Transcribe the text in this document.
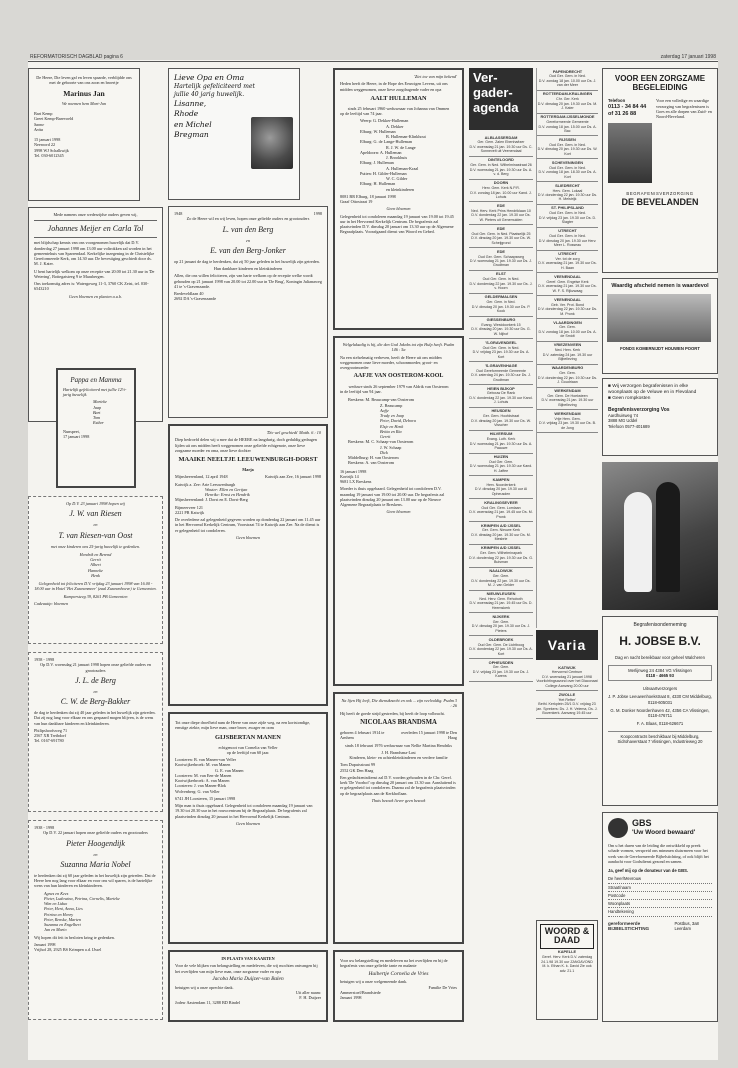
REFORMATORISCH DAGBLAD pagina 6	zaterdag 17 januari 1998
De Heere, Die leven gaf en leven spaarde, verblijdde ons met de geboorte van ons zoon en broertje
Marinus Jan
We noemen hem Mart-Jan
Bart Kemp
Greet Kemp-Barevoeld
Sanne
Anita
15 januari 1998
Neeroord 22
3998 WJ Schalkwijk
Tel. 030-6012345
Mede namens onze wederzijdse ouders geven wij,
Johannes Meijer en Carla Tol
met blijdschap kennis van ons voorgenomen huwelijk dat D.V. donderdag 27 januari 1998 om 13.00 uur voltrokken zal worden in het gemeentehuis van Sparrendaal. Kerkelijke inzegening in de Christelijke Gereformeerde Kerk, om 14.30 uur. De bevestiging geschiedt door ds. M. J. Kater.
U bent hartelijk welkom op onze receptie van 20.00 tot 21.30 uur in 'De Wetering', Bottegatsteeg 9 te Maasbergen.
Ons toekomstig adres is: Watergoweg 11-3, 3760 CK Zeist, tel. 030-6543210
Geen bloemen en planten a.u.b.
Pappa en Mamma
Hartelijk gefeliciteerd met jullie 12½-jarig huwelijk.
Marieke
Jaap
Bart
Tom
Esther
Nunspeet,
17 januari 1998
Op D.V. 23 januari 1998 hopen wij
J. W. van Riesen
en
T. van Riesen-van Oost
met onze kinderen ons 25-jarig huwelijk te gedenken.
Hendrik en Berend
Gerrit
Albert
Hanneke
Henk
Gelegenheid tot feliciteren D.V. vrijdag 23 januari 1998 van 16.00 - 18.00 uur in Hotel 'Het Zwanenmeer' (zaal Zwanenhoeve) te Gemeenten.
Kampersteeg 39, 8261 PB Gemeenten
Cadeautip: bloemen
1958 - 1998
Op D.V. woensdag 21 januari 1998 hopen onze geliefde ouders en grootouders
J. L. de Berg
en
C. W. de Berg-Bakker
de dag te herdenken dat zij 40 jaar geleden in het huwelijk zijn getreden. Dat zij nog lang voor elkaar en ons gespaard mogen blijven, is de wens van hun dankbare kinderen en kleinkinderen.
Philipshoofsweg 71
2567 XR Treibdorf
Tel. 0167-691780
1938 - 1998
Op D.V. 22 januari hopen onze geliefde ouders en grootouders
Pieter Hoogendijk
en
Suzanna Maria Nobel
te herdenken dat zij 60 jaar geleden in het huwelijk zijn getreden. Dat de Heere hen nog lang voor elkaar en voor ons wil sparen, is de hartelijke wens van hun kinderen en kleinkinderen.
Agnes en Kees
Pieter, Ludowina, Petrina, Cornelis, Marieke
Wim en Liduo
Peter, Heni, Anna, Lies
Petrina en Henry
Peter, Renske, Marten
Suzanna en Engelbert
Jan en Mario
Wij hopen dit feit in besloten kring te gedenken.
Januari 1998
Vrijhof 28, 2925 BS Krimpen a.d. IJssel
Lieve Opa en Oma
Hartelijk gefeliciteerd met
jullie 40 jarig huwelijk.
Lisanne,
Rhode
en Michel
Bregman
1948	1998
Zo de Heere wil en wij leven, hopen onze geliefde ouders en grootouders
L. van den Berg
en
E. van den Berg-Jonker
op 21 januari de dag te herdenken, dat zij 50 jaar geleden in het huwelijk zijn getreden.
Hun dankbare kinderen en kleinkinderen
Allen, die ons willen feliciteren, zijn van harte welkom op de receptie welke wordt gehouden op 21 januari 1998 van 20.00 tot 22.00 uur in 'De Brug', Koningin Julianaweg 41 te 's-Gravenzande.
Bredeveldlaan 40
2692 DA 's-Gravenzande
'Die wel geschiedt' Matth. 6 : 10
Diep bedroefd delen wij u mee dat de HEERE na langdurig, doch geduldig gedragen lijden uit ons midden heeft weggenomen onze geliefde echtgenote, onze lieve zorgzame moeder en oma, onze lieve dochter
MAAIKE NEELTJE LEEUWENBURGH-DORST
Marja
Mijnsheerenland, 12 april 1948	Katwijk aan Zee, 16 januari 1998
Katwijk a. Zee: Arie Leeuwenburgh
Wouter: Ellen en Gertjan
Henrike: Ernst en Hendrik
Mijnsheerenland: J. Dorst en E. Dorst-Berg
Bijmeerveer 121
2221 PR Katwijk
De overledene zal gelegenheid gegeven worden op donderdag 22 januari om 11.45 uur in het Hervormd Kerkelijk Centrum, Voorstraat 74 te Katwijk aan Zee. Na de dienst is er gelegenheid tot condoleren.
Geen bloemen
Tot onze diepe droefheid nam de Heere van onze zijde weg, na een kortstondige, ernstige ziekte, mijn lieve man, onze broer, zwager en oom
GIJSBERTAN MANEN
echtgenoot van Cornelia van Veller
op de leeftijd van 60 jaar.
Loosteren: B. van Manen-van Veller
Kootwijkerbroek: M. van Manen
G. E. van Manen
Loosteren: M. van Een-de Manen
Kootwijkerbroek: A. van Manen
Loosteren: J. van Manen-Blok
Wolvenberg: G. van Veller
6741 JH Loosteren, 15 januari 1998
Mijn man is thuis opgebaard. Gelegenheid tot condoleren maandag 19 januari van 19.30 tot 20.30 uur in het rouwcentrum bij de Begraafplaats. De begrafenis zal plaatsvinden dinsdag 20 januari in het Hervormd Kerkelijk Centrum.
Geen bloemen
IN PLAATS VAN KAARTEN
Voor de vele blijken van belangstelling en medeleven, die wij mochten ontvangen bij het overlijden van mijn lieve man, onze zorgzame vader en opa
Jacoba Maria Duijzer-van Balen
betuigen wij u onze oprechte dank.
Uit aller naam:
F. H. Duijzer
Jodesr Aastendam 11, 3288 BD Bindel
'Ziet toe van mijn bekend'
Heden heeft de Heere, in de Hope des Eeuwigen Levens, uit ons midden weggenomen, onze lieve zorgdragende vader en opa
AALT HULLEMAN
sinds 25 februari 1960 weduwnaar van Johanna van Ommen
op de leeftijd van 74 jaar.
Weerp: G. Dekker-Hulleman
A. Dekker
Elburg: W. Hulleman
B. Hulleman-Klinkhout
Elburg: G. de Lange-Hulleman
R. J. W. de Lange
Apeldoorn: A. Hulleman
J. Brookhuis
Elburg: J. Hulleman
A. Hulleman-Kraal
Putten: H. Gilder-Hulleman
W. C. Gilder
Elburg: H. Hulleman
en kleinkinderen
8081 BR Elburg, 18 januari 1998
Graaf Ottostraat 19
Geen bloemen
Gelegenheid tot condoleren maandag 19 januari van 19.00 tot 19.45 uur in het Hervormd Kerkelijk Centrum. De begrafenis zal plaatsvinden D.V. dinsdag 20 januari om 13.30 uur op de Algemene Begraafplaats. Voorafgaand dienst van Woord en Gebed.
Welgelukzalig is hij, die den God Jakobs tot zijn Hulp heeft. Psalm 146 : 5a
Na een stelselmatig verheven, heeft de Heere uit ons midden weggenomen onze lieve moeder, schoonmoeder, groot- en overgrootmoeder
AAFJE VAN OOSTEROM-KOOL
weduwe sinds 26 september 1979 van Aldrik van Oosterom
in de leeftijd van 94 jaar.
Breskens: M. Beaucamp-van Oosterom
Z. Beaucamp
Aafje
Trudy en Jaap
Peter, David, Debora
Elsje en Henk
Britta en Ria
Gerrit
Breskens: M. C. Schaap-van Oosterom
J. W. Schaap
Dick
Middelburg: H. van Oosterom
Breskens: A. van Oosterom
16 januari 1998
Kortrijk 14
9681 LX Breskens
Moeder is thuis opgebaard. Gelegenheid tot condoleren D.V. maandag 19 januari van 19.00 tot 20.00 uur. De begrafenis zal plaatsvinden dinsdag 20 januari om 13.00 uur op de Nieuwe Algemene Begraafplaats te Breskens.
Geen bloemen
Na lijen Hij leeft, Die dienstknecht en ook ... zijn veelvuldig. Psalm 3 : 26
Hij heeft de goede strijd gestreden, bij heeft de loop volbracht.
NICOLAAS BRANDSMA
geboren 4 februari 1914 te Arnhem
overleden 15 januari 1998 te Den Haag
sinds 18 februari 1976 weduwnaar van Nellie Martina Hendriks
J. H. Brandsma-Last
Kinderen, klein- en achterkleinkinderen en verdere familie
Tom Dupuisstraat 99
2552 GK Den Haag
Een gedachtenisdienst zal D.V. worden gehouden in de Chr. Geref. kerk 'De Voorhof' op dinsdag 20 januari om 13.30 uur. Aansluitend is er gelegenheid tot condoleren. Daarna zal de begrafenis plaatsvinden op de begraafplaats aan de Kerkhoflaan.
Thuis bezoek liever geen bezoek
Voor uw belangstelling en medeleven na het overlijden en bij de begrafenis van onze geliefde tante en nudante
Huibertje Cornelia de Vries
betuigen wij u onze welgemeende dank.
Familie De Vries
Ammerstoel/Brandstede
Januari 1998
Ver-
gader-
agenda
ALBLASSERDAM
Ger. Gem. Zalen Ebenhaëzer
D.V. woensdag 21 jan. 19.30 uur Ds. C. Sonnevelt uit Veenendaal
DINTELOORD
Ger. Gem. in Ned. Wilhelminastraat 26
D.V. woensdag 21 jan. 19.30 uur Ds. A. v. d. Berg
DOORN
Herv. Gem. Kerk N.P.R.
D.V. zondag 18 jan. 10.00 uur Kand. J. Lohuis
EDE
Ned. Herv. Kerk Prins Hendriklaan 10
D.V. donderdag 22 jan. 19.30 uur Ds. W. Pieters uit Genemuiden
EDE
Oud Ger. Gem. in Ned. Plaatselijk 25
D.V. dinsdag 20 jan. 19.30 uur Ds. W. Scheijgrond
EDE
Oud Ger. Gem. Schaapsweg
D.V. woensdag 21 jan. 19.30 uur Ds. J. Grudtman
ELST
Oud Ger. Gem. in Ned.
D.V. donderdag 22 jan. 19.30 uur Ds. J. v. Hoorn
GELDERMALSEN
Ger. Gem. in Ned.
D.V. dinsdag 20 jan. 19.30 uur Ds. P. Kook
GIESSENBURG
Evang. Westdoorkerk 15
D.V. dinsdag 20 jan. 19.30 uur Ds. G. W. Nijhof
'S-GRAVENDEEL
Oud Ger. Gem. in Ned.
D.V. vrijdag 23 jan. 19.30 uur Ds. A. Kort
'S-GRAVENHAGE
Oud Gereformeerde Gemeente
D.V. zaterdag 24 jan. 19.30 uur Ds. J. Grudtman
HEIEN BIJKOP
Gebouw De Rank
D.V. donderdag 22 jan. 19.30 uur Kand. J. Lohuis
HEUSDEN
Ger. Gem. Hoofdstraat
D.V. dinsdag 20 jan. 19.30 uur Ds. W. Visscher
HILVERSUM
Evang. Luth. Kerk
D.V. woensdag 21 jan. 19.30 uur Ds. A. Paauwe
HUIZEN
Oud Ger. Gem.
D.V. woensdag 21 jan. 19.30 uur Kand. H. Jaffee
KAMPEN
Herv. Noorderkerk
D.V. dinsdag 20 jan. 19.30 uur Al Opheusden
KRALINGSEVEER
Oud Ger. Gem. Lomlaan
D.V. woensdag 21 jan. 19.45 uur Ds. M. Pronk
KRIMPEN A/D IJSSEL
Ger. Gem. Nieuwe Kerk
D.V. dinsdag 20 jan. 19.30 uur Ds. M. Mesbrie
KRIMPEN A/D IJSSEL
Ger. Gem. Wilhelminapark
D.V. donderdag 22 jan. 19.30 uur Ds. G. Buisman
NAALDWIJK
Ger. Gem.
D.V. donderdag 22 jan. 19.30 uur Ds. M. J. van Gelder
NIEUWLEUSEN
Ned. Herv. Gem. Rehoboth
D.V. woensdag 21 jan. 19.45 uur Ds. D. Heemskerk
NIJKERK
Ger. Gem.
D.V. dinsdag 20 jan. 19.30 uur Ds. J. Pieters
OLDEBROEK
Oud Ger. Gem. De Lichtboog
D.V. donderdag 22 jan. 19.30 uur Ds. A. Kort
OPHEUSDEN
Ger. Gem.
D.V. vrijdag 23 jan. 19.30 uur Ds. J. Karens
PAPENDRECHT
Oud Ger. Gem. in Ned.
D.V. zondag 18 jan. 10.00 uur Ds. J. van der Meer
ROTTERDAM-KRALINGEN
Chr. Ger. Kerk
D.V. dinsdag 20 jan. 19.30 uur Ds. M. J. Kater
ROTTERDAM-IJSSELMONDE
Gereformeerde Gemeente
D.V. zondag 18 jan. 15.00 uur Ds. A. Bac
RIJSSEN
Oud Ger. Gem. in Ned.
D.V. dinsdag 20 jan. 19.30 uur Ds. W. Kort
SCHEVENINGEN
Oud Ger. Gem. in Ned.
D.V. zondag 18 jan. 18.30 uur Ds. A. Kort
SLIEDRECHT
Herv. Gem. Lokaal
D.V. donderdag 22 jan. 19.30 uur Ds. H. Melstrijk
ST. PHILIPSLAND
Oud Ger. Gem. in Ned.
D.V. vrijdag 23 jan. 19.30 uur Ds. D. Slagter
UTRECHT
Oud Ger. Gem. in Ned.
D.V. dinsdag 20 jan. 19.30 uur Herv. Meer L. Rosseau
UTRECHT
Ver. tot de zorg
D.V. woensdag 21 jan. 19.30 uur Ds. H. Baan
VEENENDAAL
Geref. Gem. Engelse Kerk
D.V. woensdag 21 jan. 19.30 uur Ds. W. F. S. Rijkzwaag
VEENENDAAL
Geb. Ver. Prot. Bond
D.V. donderdag 22 jan. 19.30 uur Ds. M. Pronk
VLAARDINGEN
Ger. Gem.
D.V. zondag 18 jan. 10.00 uur Ds. A. de Smidt
VRIEZENVEEN
Ned. Herv. Kerk
D.V. zaterdag 24 jan. 19.30 uur Bijbellezing
WAARDENBURG
Ger. Gem.
D.V. donderdag 22 jan. 19.30 uur Ds. J. Goudriaan
WERKENDAM
Ger. Gem. De Hoeksteen
D.V. woensdag 21 jan. 19.30 uur Bijbellezing
WERKENDAM
Vrije Herv. Gem.
D.V. vrijdag 23 jan. 19.30 uur Ds. B. de Jong
Varia
KATWIJK
Hervormd Centrum
D.V. woensdag 21 januari 1998 Voorlichtingsavond over het Diaconaat College Aanvang 20.00 uur
ZWOLLE
'Het Refter'
Bethl. Kerkplein 25/1 D.V. vrijdag 23 jan. Sprekers: Ds. J. H. Velema, Ds. J. Bovenkerk. Aanvang 19.45 uur
WOORD & DAAD
KAPELLE
Geref. Herv. Kerk D.V. zaterdag 24.1.98 19.30 uur ZANGAVOND M. k. Ethan K. k. David Zie ook adv. 21.1
VOOR EEN ZORGZAME BEGELEIDING
Telefoon
0113 - 34 84 44 of 31 26 88
Voor een volledige en waardige verzorging van begrafenissen is Goes en alle dorpen van Zuid- en Noord-Beveland.
BEGRAFENISVERZORGING
DE BEVELANDEN
Waardig afscheid nemen is waardevol
FONDS KOMERNIJDT HOUWEN POORT
■ Wij verzorgen begrafenissen in elke woonplaats op de Veluwe en in Flevoland
■ Geen rompkosten
Begrafenisverzorging Vos
Aardhuisweg 74
3888 MG Uddel
Telefoon 0577-401689
Begrafenisonderneming
H. JOBSE B.V.
Dag en nacht bereikbaar voor geheel Walcheren
Merlijnweg 24 4384 VG Vlissingen
0118 - 4665 93
Uitvaartverzorgers
J. P. Jobse Leeuwenhoekstraat 8, 4330 CM Middelburg, 0118-605031
G. M. Donker Noordenhaven 42, 4356 CA Vlissingen, 0118-476711
F. A. Blaas, 0118-626671
Koopcontracts beschikbaar bij Middelburg, Sidrohaverstaat 7 Vlissingen, Industrieweg 20
GBS
'Uw Woord bewaard'
Om u het duren van de leiding die ontwikkeld op preek schade vormen, verspreid ons mimmen sluisrmeen voor het werk van de Gereformeerde Bijbelstichting, of ook blijft het aandacht voor Godsdienst gezond en samen.
Ja, geef mij op de donateur van de GBS.
De heer/Mevrouw
Straat/naam
Postcode
Woonplaats
Handtekening
gereformeerde BIJBELSTICHTING
Postbus, 3a8 Leerdam
